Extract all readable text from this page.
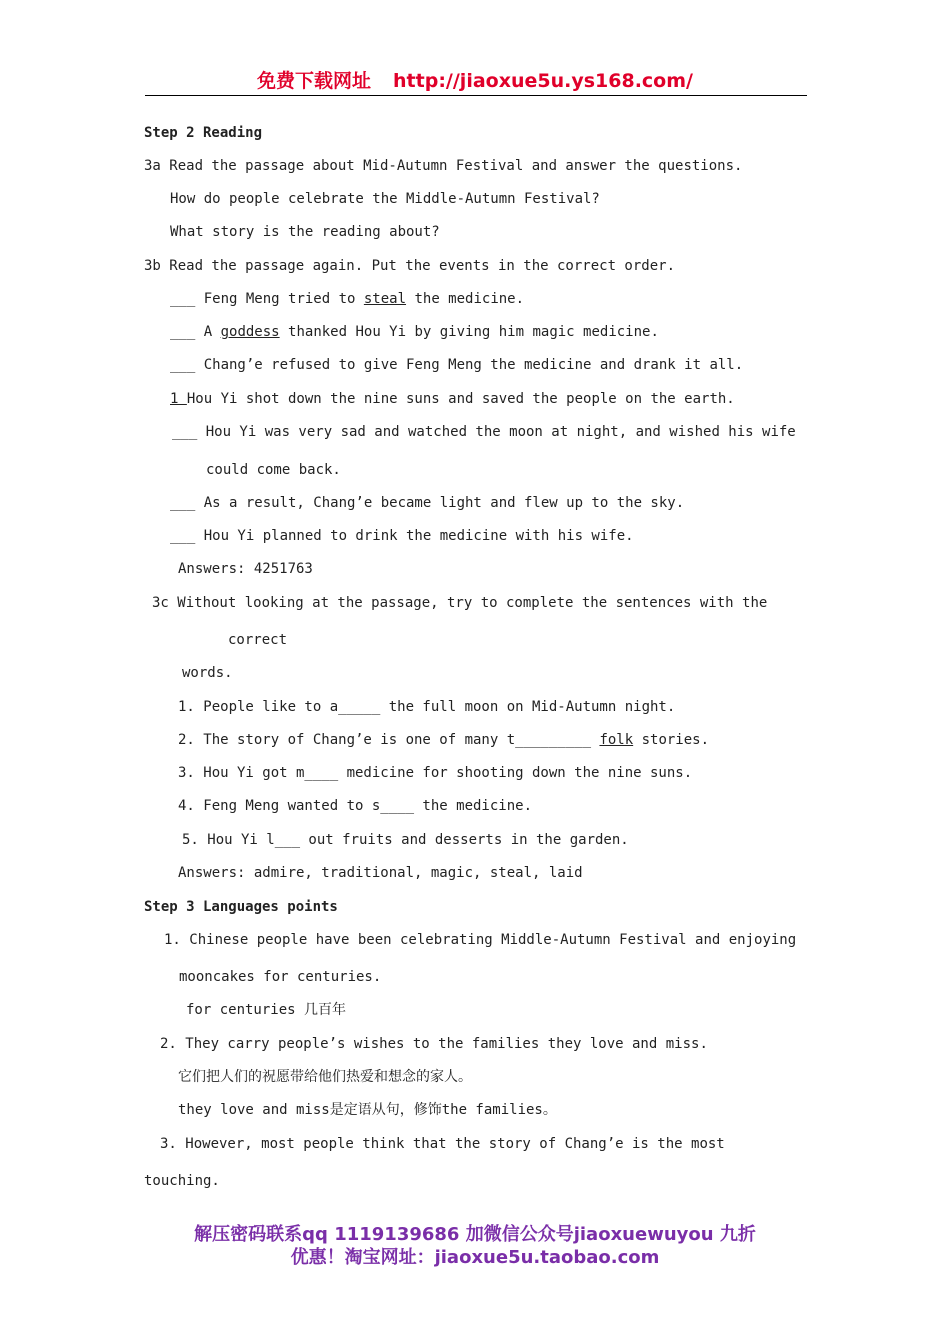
免费下载网址 http://jiaoxue5u.ys168.com/
Step 2 Reading
3a Read the passage about Mid-Autumn Festival and answer the questions.
How do people celebrate the Middle-Autumn Festival?
What story is the reading about?
3b Read the passage again. Put the events in the correct order.
___ Feng Meng tried to steal the medicine.
___ A goddess thanked Hou Yi by giving him magic medicine.
___ Chang’e refused to give Feng Meng the medicine and drank it all.
1 Hou Yi shot down the nine suns and saved the people on the earth.
___ Hou Yi was very sad and watched the moon at night, and wished his wife
could come back.
___ As a result, Chang’e became light and flew up to the sky.
___ Hou Yi planned to drink the medicine with his wife.
Answers: 4251763
3c Without looking at the passage, try to complete the sentences with the
correct
words.
1. People like to a_____ the full moon on Mid-Autumn night.
2. The story of Chang’e is one of many t_________ folk stories.
3. Hou Yi got m____ medicine for shooting down the nine suns.
4. Feng Meng wanted to s____ the medicine.
5. Hou Yi l___ out fruits and desserts in the garden.
Answers: admire, traditional, magic, steal, laid
Step 3 Languages points
1. Chinese people have been celebrating Middle-Autumn Festival and enjoying
mooncakes for centuries.
for centuries 几百年
2. They carry people’s wishes to the families they love and miss.
它们把人们的祝愿带给他们热爱和想念的家人。
they love and miss是定语从句，修饰the families。
3. However, most people think that the story of Chang’e is the most
touching.
解压密码联系qq 1119139686 加微信公众号jiaoxuewuyou 九折
优惠！淘宝网址：jiaoxue5u.taobao.com
